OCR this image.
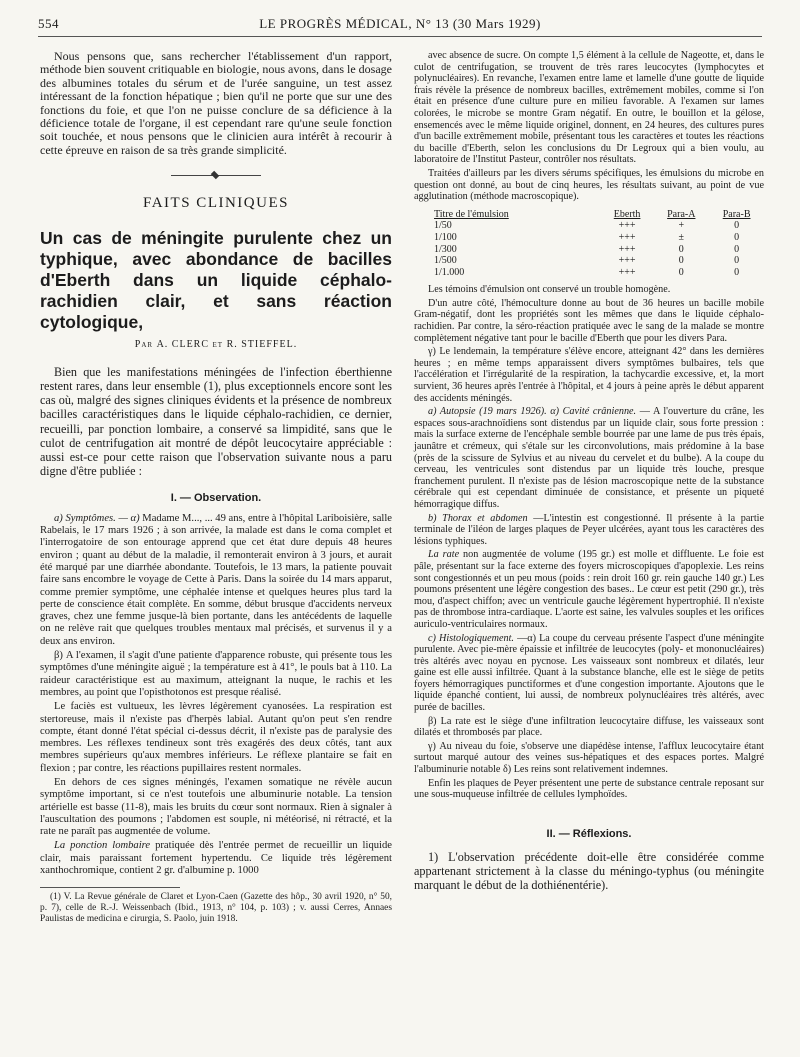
554	LE PROGRÈS MÉDICAL, N° 13 (30 Mars 1929)

Nous pensons que, sans rechercher l'établissement d'un rapport, méthode bien souvent critiquable en biologie, nous avons, dans le dosage des albumines totales du sérum et de l'urée sanguine, un test assez intéressant de la fonction hépatique ; bien qu'il ne porte que sur une des fonctions du foie, et que l'on ne puisse conclure de sa déficience à la déficience totale de l'organe, il est cependant rare qu'une seule fonction soit touchée, et nous pensons que le clinicien aura intérêt à recourir à cette épreuve en raison de sa très grande simplicité.

FAITS CLINIQUES
Un cas de méningite purulente chez un typhique, avec abondance de bacilles d'Eberth dans un liquide céphalo-rachidien clair, et sans réaction cytologique,
Par A. CLERC et R. STIEFFEL.

Bien que les manifestations méningées de l'infection éberthienne restent rares, dans leur ensemble (1), plus exceptionnels encore sont les cas où, malgré des signes cliniques évidents et la présence de nombreux bacilles caractéristiques dans le liquide céphalo-rachidien, ce dernier, recueilli, par ponction lombaire, a conservé sa limpidité, sans que le culot de centrifugation ait montré de dépôt leucocytaire appréciable : aussi est-ce pour cette raison que l'observation suivante nous a paru digne d'être publiée :

I. — Observation.

a) Symptômes. — α) Madame M..., ... 49 ans, entre à l'hôpital Lariboisière, salle Rabelais, le 17 mars 1926 ; à son arrivée, la malade est dans le coma complet et l'interrogatoire de son entourage apprend que cet état dure depuis 48 heures environ ; quant au début de la maladie, il remonterait environ à 3 jours, et aurait été marqué par une diarrhée abondante. Toutefois, le 13 mars, la patiente pouvait faire sans encombre le voyage de Cette à Paris. Dans la soirée du 14 mars apparut, comme premier symptôme, une céphalée intense et quelques heures plus tard la perte de conscience était complète. En somme, début brusque d'accidents nerveux graves, chez une femme jusque-là bien portante, dans les antécédents de laquelle on ne relève rait que quelques troubles mentaux mal précisés, et survenus il y a deux ans environ.

β) A l'examen, il s'agit d'une patiente d'apparence robuste, qui présente tous les symptômes d'une méningite aiguë ; la température est à 41°, le pouls bat à 110. La raideur caractéristique est au maximum, atteignant la nuque, le rachis et les membres, au point que l'opisthotonos est presque réalisé.

Le faciès est vultueux, les lèvres légèrement cyanosées. La respiration est stertoreuse, mais il n'existe pas d'herpès labial. Autant qu'on peut s'en rendre compte, étant donné l'état spécial ci-dessus décrit, il n'existe pas de paralysie des membres. Les réflexes tendineux sont très exagérés des deux côtés, tant aux membres supérieurs qu'aux membres inférieurs. Le réflexe plantaire se fait en flexion ; par contre, les réactions pupillaires restent normales.

En dehors de ces signes méningés, l'examen somatique ne révèle aucun symptôme important, si ce n'est toutefois une albuminurie notable. La tension artérielle est basse (11-8), mais les bruits du cœur sont normaux. Rien à signaler à l'auscultation des poumons ; l'abdomen est souple, ni météorisé, ni rétracté, et la rate ne paraît pas augmentée de volume.

La ponction lombaire pratiquée dès l'entrée permet de recueillir un liquide clair, mais paraissant fortement hypertendu. Ce liquide très légèrement xanthochromique, contient 2 gr. d'albumine p. 1000

(1) V. La Revue générale de Claret et Lyon-Caen (Gazette des hôp., 30 avril 1920, n° 50, p. 7), celle de R.-J. Weissenbach (Ibid., 1913, n° 104, p. 103) ; v. aussi Cerres, Annaes Paulistas de medicina e cirurgia, S. Paolo, juin 1918.

avec absence de sucre. On compte 1,5 élément à la cellule de Nageotte, et, dans le culot de centrifugation, se trouvent de très rares leucocytes (lymphocytes et polynucléaires). En revanche, l'examen entre lame et lamelle d'une goutte de liquide frais révèle la présence de nombreux bacilles, extrêmement mobiles, comme si l'on était en présence d'une culture pure en milieu favorable. A l'examen sur lames colorées, le microbe se montre Gram négatif. En outre, le bouillon et la gélose, ensemencés avec le même liquide originel, donnent, en 24 heures, des cultures pures d'un bacille extrêmement mobile, présentant tous les caractères et toutes les réactions du bacille d'Eberth, selon les conclusions du Dr Legroux qui a bien voulu, au laboratoire de l'Institut Pasteur, contrôler nos résultats.

Traitées d'ailleurs par les divers sérums spécifiques, les émulsions du microbe en question ont donné, au bout de cinq heures, les résultats suivant, au point de vue agglutination (méthode macroscopique).

Titre de l'émulsion	Eberth	Para-A	Para-B
1/50	+++	+	0
1/100	+++	±	0
1/300	+++	0	0
1/500	+++	0	0
1/1.000	+++	0	0

Les témoins d'émulsion ont conservé un trouble homogène.

D'un autre côté, l'hémoculture donne au bout de 36 heures un bacille mobile Gram-négatif, dont les propriétés sont les mêmes que dans le liquide céphalo-rachidien. Par contre, la séro-réaction pratiquée avec le sang de la malade se montre complètement négative tant pour le bacille d'Eberth que pour les divers Para.

γ) Le lendemain, la température s'élève encore, atteignant 42° dans les dernières heures ; en même temps apparaissent divers symptômes bulbaires, tels que l'accélération et l'irrégularité de la respiration, la tachycardie excessive, et, la mort survient, 36 heures après l'entrée à l'hôpital, et 4 jours à peine après le début apparent des accidents méningés.

a) Autopsie (19 mars 1926). α) Cavité crânienne. — A l'ouverture du crâne, les espaces sous-arachnoïdiens sont distendus par un liquide clair, sous forte pression : mais la surface externe de l'encéphale semble bourrée par une lame de pus très épais, jaunâtre et crémeux, qui s'étale sur les circonvolutions, mais prédomine à la base (près de la scissure de Sylvius et au niveau du cervelet et du bulbe). A la coupe du cerveau, les ventricules sont distendus par un liquide très louche, presque franchement purulent. Il n'existe pas de lésion macroscopique nette de la substance cérébrale qui est cependant diminuée de consistance, et présente un piqueté hémorragique diffus.

b) Thorax et abdomen —L'intestin est congestionné. Il présente à la partie terminale de l'iléon de larges plaques de Peyer ulcérées, ayant tous les caractères des lésions typhiques.

La rate non augmentée de volume (195 gr.) est molle et diffluente. Le foie est pâle, présentant sur la face externe des foyers microscopiques d'apoplexie. Les reins sont congestionnés et un peu mous (poids : rein droit 160 gr. rein gauche 140 gr.) Les poumons présentent une légère congestion des bases.. Le cœur est petit (290 gr.), très mou, d'aspect chiffon; avec un ventricule gauche légèrement hypertrophié. Il n'existe pas de thrombose intra-cardiaque. L'aorte est saine, les valvules souples et les orifices auriculo-ventriculaires normaux.

c) Histologiquement. —α) La coupe du cerveau présente l'aspect d'une méningite purulente. Avec pie-mère épaissie et infiltrée de leucocytes (poly- et mononucléaires) très altérés avec noyau en pycnose. Les vaisseaux sont nombreux et dilatés, leur gaine est elle aussi infiltrée. Quant à la substance blanche, elle est le siège de petits foyers hémorragiques punctiformes et d'une congestion importante. Ajoutons que le liquide épanché contient, lui aussi, de nombreux polynucléaires très altérés, avec purée de bacilles.

β) La rate est le siège d'une infiltration leucocytaire diffuse, les vaisseaux sont dilatés et thrombosés par place.

γ) Au niveau du foie, s'observe une diapédèse intense, l'afflux leucocytaire étant surtout marqué autour des veines sus-hépatiques et des espaces portes. Malgré l'albuminurie notable δ) Les reins sont relativement indemnes.

Enfin les plaques de Peyer présentent une perte de substance centrale reposant sur une sous-muqueuse infiltrée de cellules lymphoïdes.

II. — Réflexions.

1) L'observation précédente doit-elle être considérée comme appartenant strictement à la classe du méningo-typhus (ou méningite marquant le début de la dothiénentérie).
